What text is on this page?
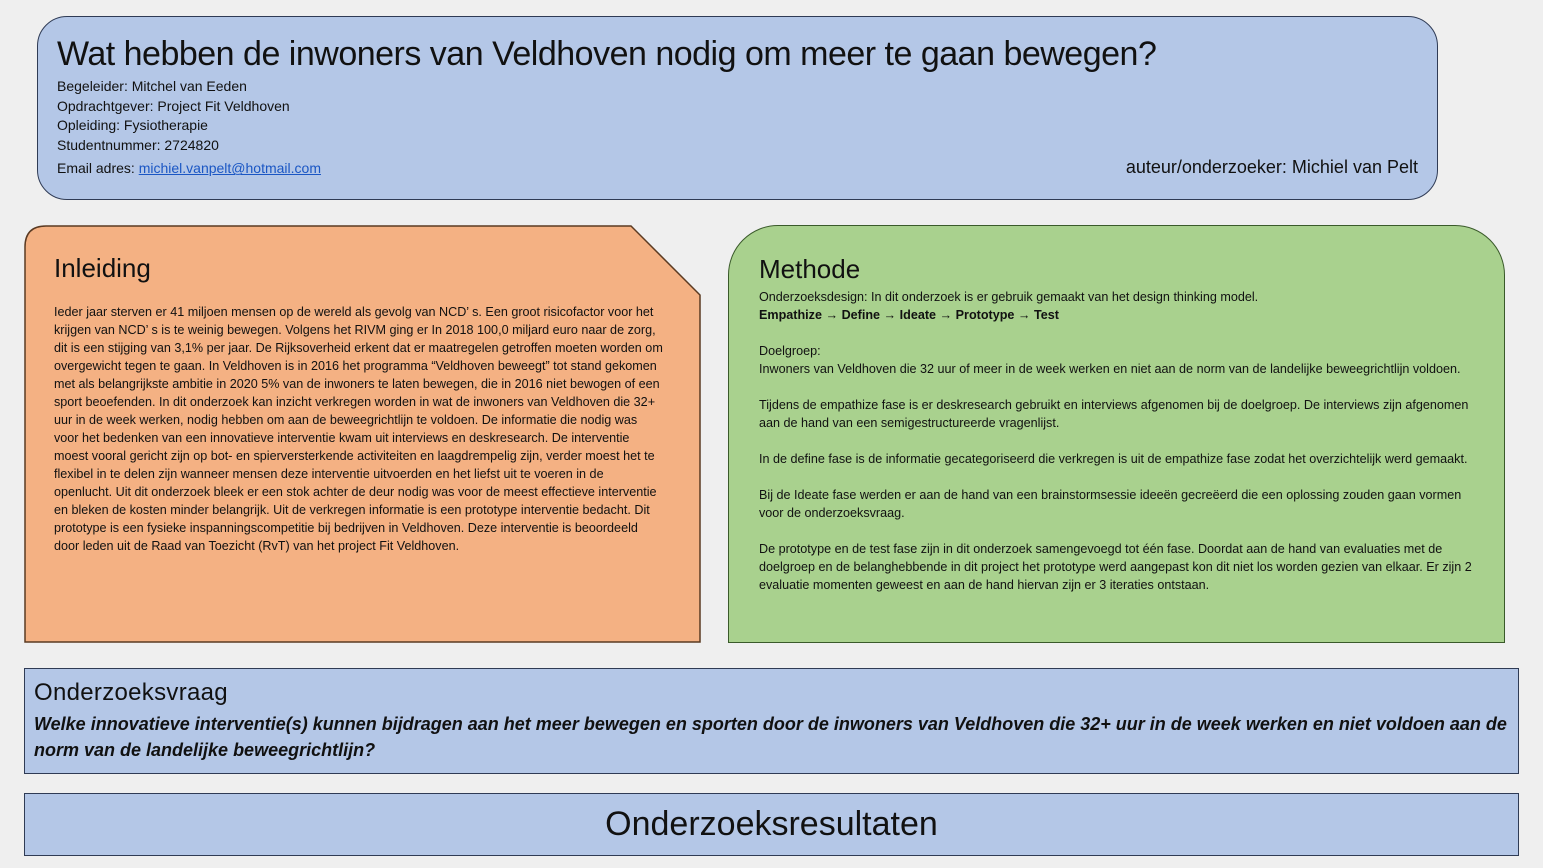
Wat hebben de inwoners van Veldhoven nodig om meer te gaan bewegen?
Begeleider: Mitchel van Eeden
Opdrachtgever: Project Fit Veldhoven
Opleiding: Fysiotherapie
Studentnummer: 2724820
Email adres: michiel.vanpelt@hotmail.com	auteur/onderzoeker: Michiel van Pelt
Inleiding

Ieder jaar sterven er 41 miljoen mensen op de wereld als gevolg van NCD’ s. Een groot risicofactor voor het krijgen van NCD’ s is te weinig bewegen. Volgens het RIVM ging er In 2018 100,0 miljard euro naar de zorg, dit is een stijging van 3,1% per jaar. De Rijksoverheid erkent dat er maatregelen getroffen moeten worden om overgewicht tegen te gaan. In Veldhoven is in 2016 het programma “Veldhoven beweegt” tot stand gekomen met als belangrijkste ambitie in 2020 5% van de inwoners te laten bewegen, die in 2016 niet bewogen of een sport beoefenden. In dit onderzoek kan inzicht verkregen worden in wat de inwoners van Veldhoven die 32+ uur in de week werken, nodig hebben om aan de beweegrichtlijn te voldoen. De informatie die nodig was voor het bedenken van een innovatieve interventie kwam uit interviews en deskresearch. De interventie moest vooral gericht zijn op bot- en spierversterkende activiteiten en laagdrempelig zijn, verder moest het te flexibel in te delen zijn wanneer mensen deze interventie uitvoerden en het liefst uit te voeren in de openlucht. Uit dit onderzoek bleek er een stok achter de deur nodig was voor de meest effectieve interventie en bleken de kosten minder belangrijk. Uit de verkregen informatie is een prototype interventie bedacht. Dit prototype is een fysieke inspanningscompetitie bij bedrijven in Veldhoven. Deze interventie is beoordeeld door leden uit de Raad van Toezicht (RvT) van het project Fit Veldhoven.

Methode

Onderzoeksdesign: In dit onderzoek is er gebruik gemaakt van het design thinking model.
Empathize → Define → Ideate → Prototype → Test

Doelgroep:
Inwoners van Veldhoven die 32 uur of meer in de week werken en niet aan de norm van de landelijke beweegrichtlijn voldoen.

Tijdens de empathize fase is er deskresearch gebruikt en interviews afgenomen bij de doelgroep. De interviews zijn afgenomen aan de hand van een semigestructureerde vragenlijst.

In de define fase is de informatie gecategoriseerd die verkregen is uit de empathize fase zodat het overzichtelijk werd gemaakt.

Bij de Ideate fase werden er aan de hand van een brainstormsessie ideeën gecreëerd die een oplossing zouden gaan vormen voor de onderzoeksvraag.

De prototype en de test fase zijn in dit onderzoek samengevoegd tot één fase. Doordat aan de hand van evaluaties met de doelgroep en de belanghebbende in dit project het prototype werd aangepast kon dit niet los worden gezien van elkaar. Er zijn 2 evaluatie momenten geweest en aan de hand hiervan zijn er 3 iteraties ontstaan.

Onderzoeksvraag
Welke innovatieve interventie(s) kunnen bijdragen aan het meer bewegen en sporten door de inwoners van Veldhoven die 32+ uur in de week werken en niet voldoen aan de norm van de landelijke beweegrichtlijn?
Onderzoeksresultaten
